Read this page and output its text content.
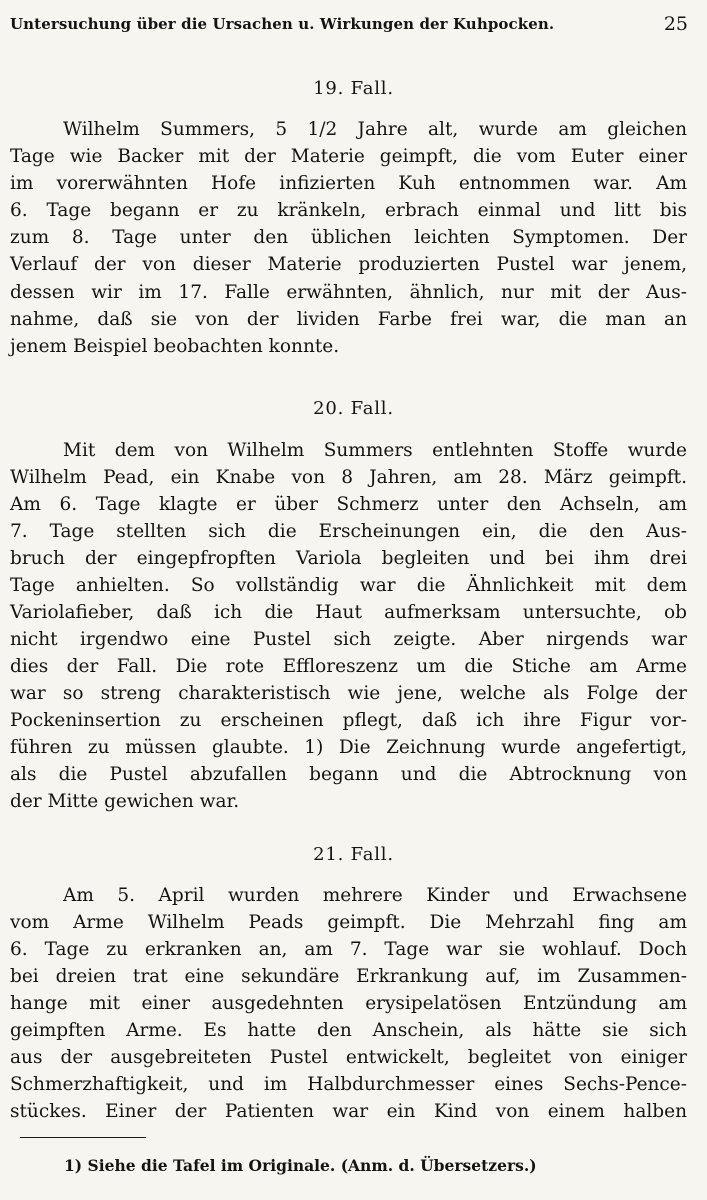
Untersuchung über die Ursachen u. Wirkungen der Kuhpocken.	25
19. Fall.
Wilhelm Summers, 5 1/2 Jahre alt, wurde am gleichen
Tage wie Backer mit der Materie geimpft, die vom Euter einer
im vorerwähnten Hofe infizierten Kuh entnommen war. Am
6. Tage begann er zu kränkeln, erbrach einmal und litt bis
zum 8. Tage unter den üblichen leichten Symptomen. Der
Verlauf der von dieser Materie produzierten Pustel war jenem,
dessen wir im 17. Falle erwähnten, ähnlich, nur mit der Aus-
nahme, daß sie von der lividen Farbe frei war, die man an
jenem Beispiel beobachten konnte.
20. Fall.
Mit dem von Wilhelm Summers entlehnten Stoffe wurde
Wilhelm Pead, ein Knabe von 8 Jahren, am 28. März geimpft.
Am 6. Tage klagte er über Schmerz unter den Achseln, am
7. Tage stellten sich die Erscheinungen ein, die den Aus-
bruch der eingepfropften Variola begleiten und bei ihm drei
Tage anhielten. So vollständig war die Ähnlichkeit mit dem
Variolafieber, daß ich die Haut aufmerksam untersuchte, ob
nicht irgendwo eine Pustel sich zeigte. Aber nirgends war
dies der Fall. Die rote Effloreszenz um die Stiche am Arme
war so streng charakteristisch wie jene, welche als Folge der
Pockeninsertion zu erscheinen pflegt, daß ich ihre Figur vor-
führen zu müssen glaubte. 1) Die Zeichnung wurde angefertigt,
als die Pustel abzufallen begann und die Abtrocknung von
der Mitte gewichen war.
21. Fall.
Am 5. April wurden mehrere Kinder und Erwachsene
vom Arme Wilhelm Peads geimpft. Die Mehrzahl fing am
6. Tage zu erkranken an, am 7. Tage war sie wohlauf. Doch
bei dreien trat eine sekundäre Erkrankung auf, im Zusammen-
hange mit einer ausgedehnten erysipelatösen Entzündung am
geimpften Arme. Es hatte den Anschein, als hätte sie sich
aus der ausgebreiteten Pustel entwickelt, begleitet von einiger
Schmerzhaftigkeit, und im Halbdurchmesser eines Sechs-Pence-
stückes. Einer der Patienten war ein Kind von einem halben
1) Siehe die Tafel im Originale. (Anm. d. Übersetzers.)
